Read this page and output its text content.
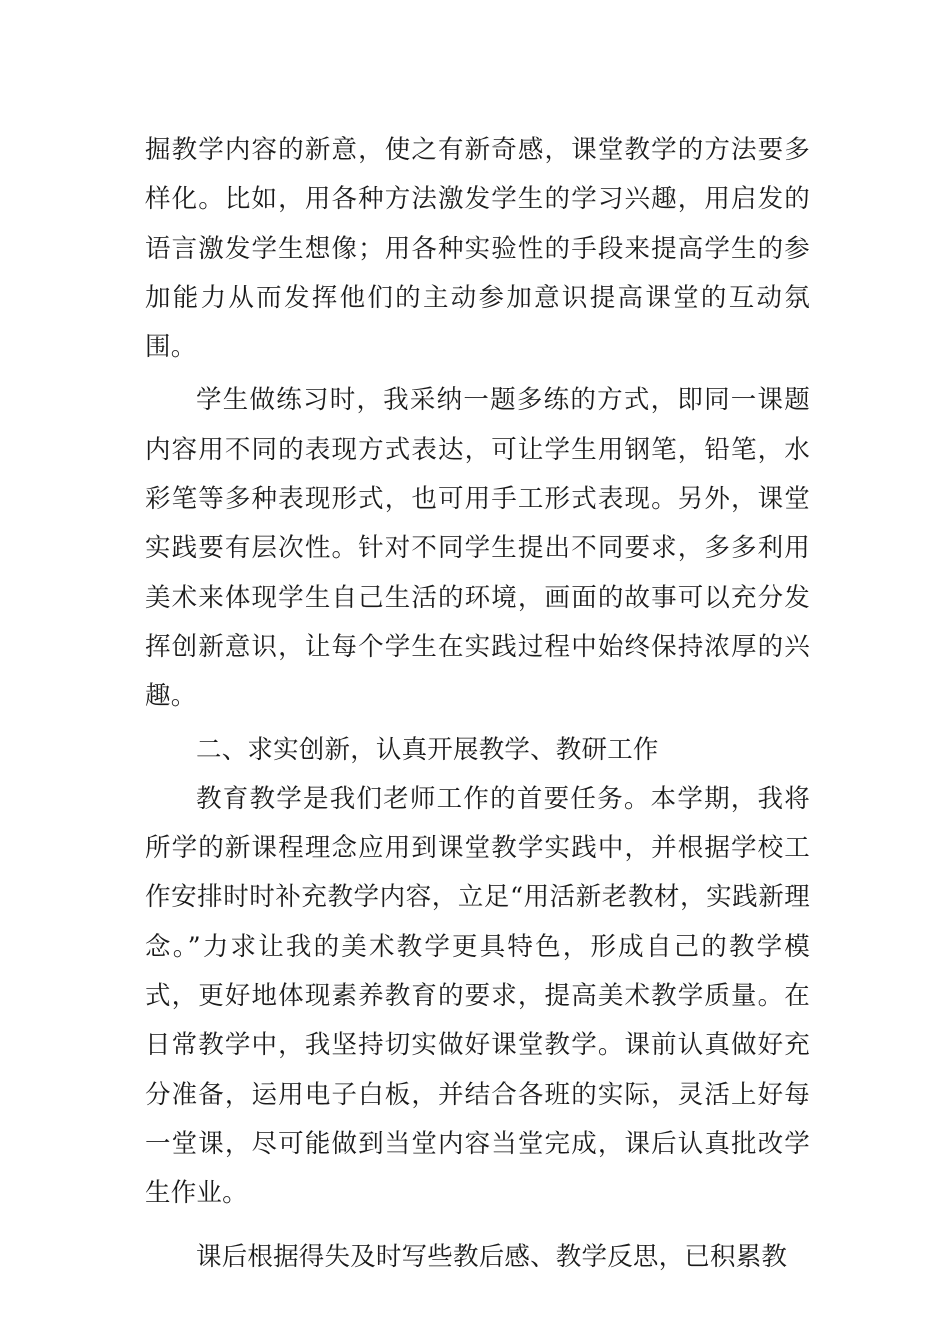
掘教学内容的新意，使之有新奇感，课堂教学的方法要多样化。比如，用各种方法激发学生的学习兴趣，用启发的语言激发学生想像；用各种实验性的手段来提高学生的参加能力从而发挥他们的主动参加意识提高课堂的互动氛围。

学生做练习时，我采纳一题多练的方式，即同一课题内容用不同的表现方式表达，可让学生用钢笔，铅笔，水彩笔等多种表现形式，也可用手工形式表现。另外，课堂实践要有层次性。针对不同学生提出不同要求，多多利用美术来体现学生自己生活的环境，画面的故事可以充分发挥创新意识，让每个学生在实践过程中始终保持浓厚的兴趣。

二、求实创新，认真开展教学、教研工作

教育教学是我们老师工作的首要任务。本学期，我将所学的新课程理念应用到课堂教学实践中，并根据学校工作安排时时补充教学内容，立足“用活新老教材，实践新理念。”力求让我的美术教学更具特色，形成自己的教学模式，更好地体现素养教育的要求，提高美术教学质量。在日常教学中，我坚持切实做好课堂教学。课前认真做好充分准备，运用电子白板，并结合各班的实际，灵活上好每一堂课，尽可能做到当堂内容当堂完成，课后认真批改学生作业。

课后根据得失及时写些教后感、教学反思，已积累教
